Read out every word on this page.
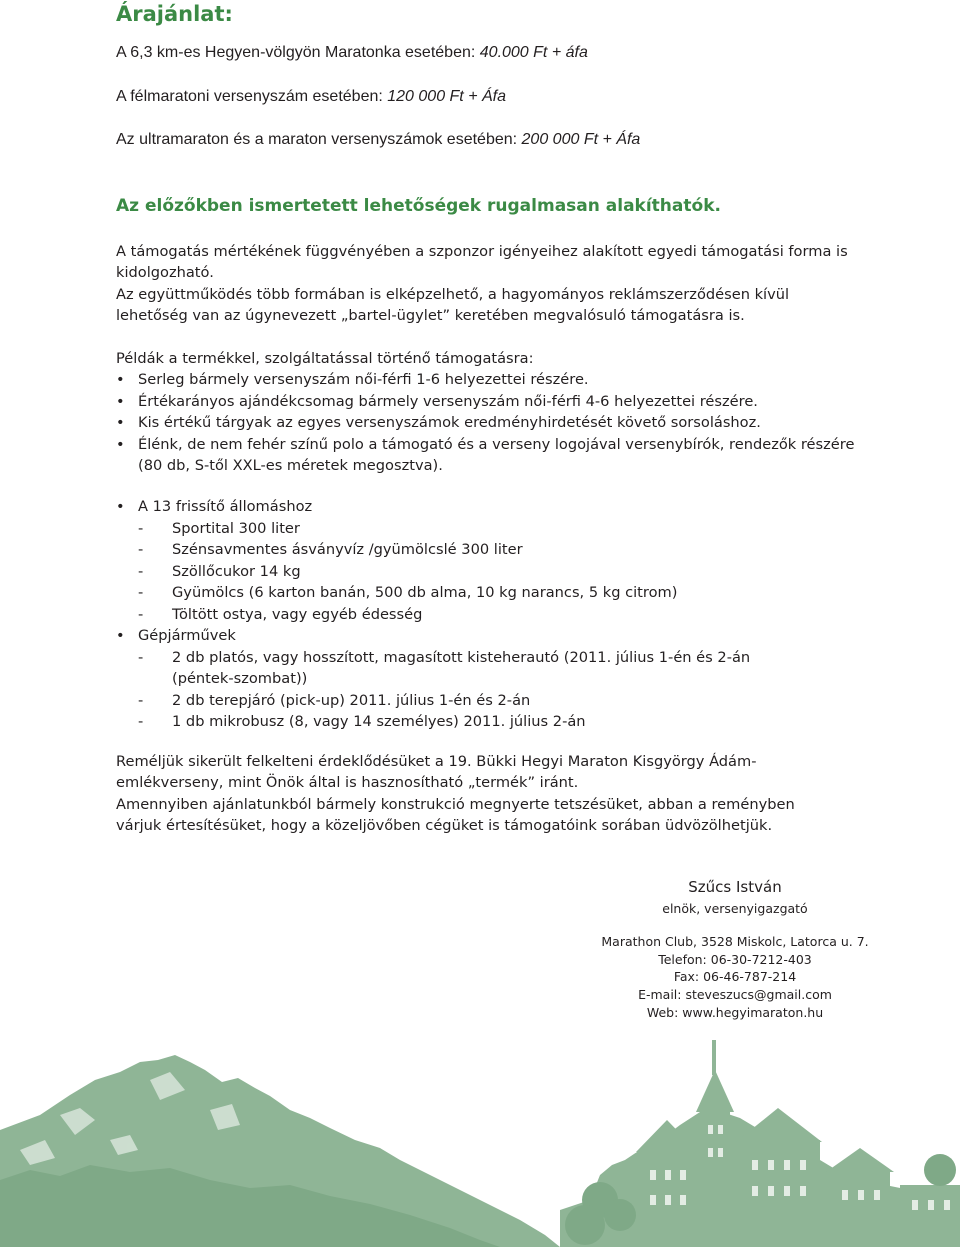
Árajánlat:
A 6,3 km-es Hegyen-völgyön Maratonka esetében: 40.000 Ft + áfa
A félmaratoni versenyszám esetében: 120 000 Ft + Áfa
Az ultramaraton és a maraton versenyszámok esetében: 200 000 Ft + Áfa
Az előzőkben ismertetett lehetőségek rugalmasan alakíthatók.
A támogatás mértékének függvényében a szponzor igényeihez alakított egyedi támogatási forma is kidolgozható.
Az együttműködés több formában is elképzelhető, a hagyományos reklámszerződésen kívül lehetőség van az úgynevezett „bartel-ügylet” keretében megvalósuló támogatásra is.
Példák a termékkel, szolgáltatással történő támogatásra:
• Serleg bármely versenyszám női-férfi 1-6 helyezettei részére.
• Értékarányos ajándékcsomag bármely versenyszám női-férfi 4-6 helyezettei részére.
• Kis értékű tárgyak az egyes versenyszámok eredményhirdetését követő sorsoláshoz.
• Élénk, de nem fehér színű polo a támogató és a verseny logojával versenybírók, rendezők részére (80 db, S-től XXL-es méretek megosztva).
• A 13 frissítő állomáshoz
-	Sportital 300 liter
-	Szénsavmentes ásványvíz /gyümölcslé 300 liter
-	Szöllőcukor 14 kg
-	Gyümölcs (6 karton banán, 500 db alma, 10 kg narancs, 5 kg citrom)
-	Töltött ostya, vagy egyéb édesség
• Gépjárművek
-	2 db platós, vagy hosszított, magasított kisteherautó (2011. július 1-én és 2-án (péntek-szombat))
-	2 db terepjáró (pick-up) 2011. július 1-én és 2-án
-	1 db mikrobusz (8, vagy 14 személyes) 2011. július 2-án
Reméljük sikerült felkelteni érdeklődésüket a 19. Bükki Hegyi Maraton Kisgyörgy Ádám-emlékverseny, mint Önök által is hasznosítható „termék” iránt.
Amennyiben ajánlatunkból bármely konstrukció megnyerte tetszésüket, abban a reményben várjuk értesítésüket, hogy a közeljövőben cégüket is támogatóink sorában üdvözölhetjük.
Szűcs István
elnök, versenyigazgató
Marathon Club, 3528 Miskolc, Latorca u. 7.
Telefon: 06-30-7212-403
Fax: 06-46-787-214
E-mail: steveszucs@gmail.com
Web: www.hegyimaraton.hu
